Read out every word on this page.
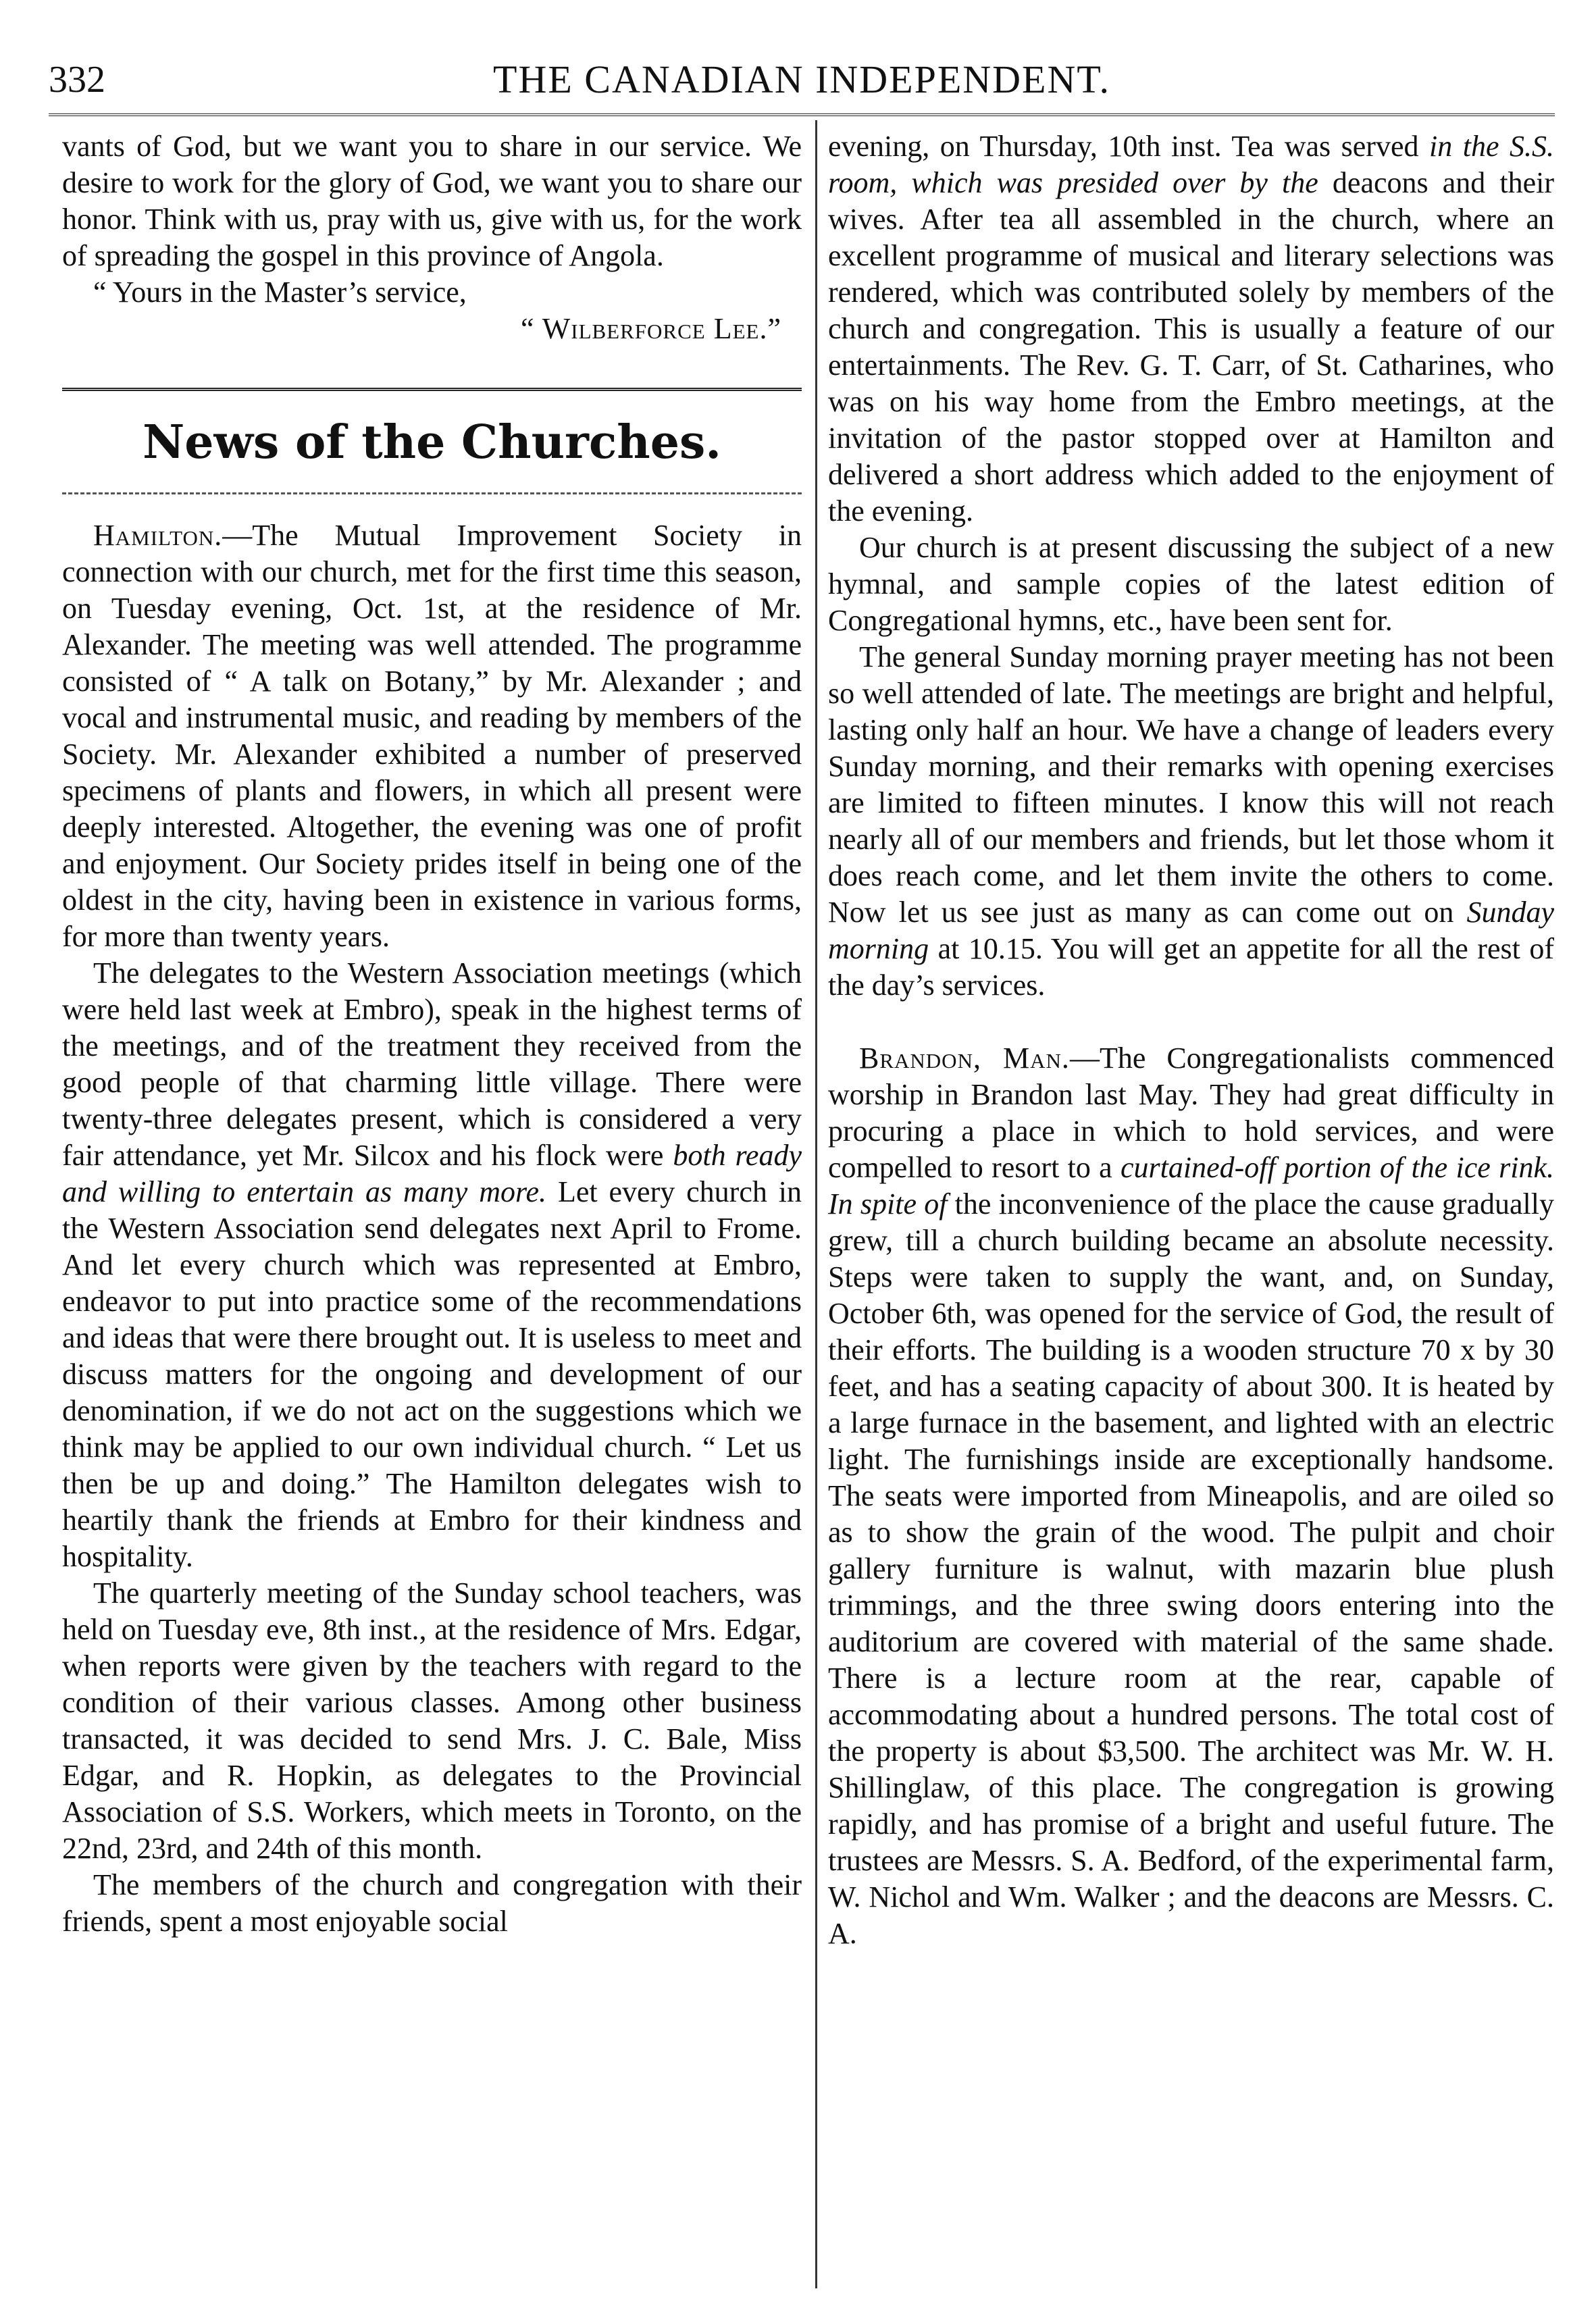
332	THE CANADIAN INDEPENDENT.

vants of God, but we want you to share in our service. We desire to work for the glory of God, we want you to share our honor. Think with us, pray with us, give with us, for the work of spreading the gospel in this province of Angola.

“ Yours in the Master’s service,

“ Wilberforce Lee.”

News of the Churches.

Hamilton.—The Mutual Improvement Society in connection with our church, met for the first time this season, on Tuesday evening, Oct. 1st, at the residence of Mr. Alexander. The meeting was well attended. The programme consisted of “ A talk on Botany,” by Mr. Alexander ; and vocal and instrumental music, and reading by members of the Society. Mr. Alexander exhibited a number of preserved specimens of plants and flowers, in which all present were deeply interested. Altogether, the evening was one of profit and enjoyment. Our Society prides itself in being one of the oldest in the city, having been in existence in various forms, for more than twenty years.

The delegates to the Western Association meetings (which were held last week at Embro), speak in the highest terms of the meetings, and of the treatment they received from the good people of that charming little village. There were twenty-three delegates present, which is considered a very fair attendance, yet Mr. Silcox and his flock were both ready and willing to entertain as many more. Let every church in the Western Association send delegates next April to Frome. And let every church which was represented at Embro, endeavor to put into practice some of the recommendations and ideas that were there brought out. It is useless to meet and discuss matters for the ongoing and development of our denomination, if we do not act on the suggestions which we think may be applied to our own individual church. “ Let us then be up and doing.” The Hamilton delegates wish to heartily thank the friends at Embro for their kindness and hospitality.

The quarterly meeting of the Sunday school teachers, was held on Tuesday eve, 8th inst., at the residence of Mrs. Edgar, when reports were given by the teachers with regard to the condition of their various classes. Among other business transacted, it was decided to send Mrs. J. C. Bale, Miss Edgar, and R. Hopkin, as delegates to the Provincial Association of S.S. Workers, which meets in Toronto, on the 22nd, 23rd, and 24th of this month.

The members of the church and congregation with their friends, spent a most enjoyable social

evening, on Thursday, 10th inst. Tea was served in the S.S. room, which was presided over by the deacons and their wives. After tea all assembled in the church, where an excellent programme of musical and literary selections was rendered, which was contributed solely by members of the church and congregation. This is usually a feature of our entertainments. The Rev. G. T. Carr, of St. Catharines, who was on his way home from the Embro meetings, at the invitation of the pastor stopped over at Hamilton and delivered a short address which added to the enjoyment of the evening.

Our church is at present discussing the subject of a new hymnal, and sample copies of the latest edition of Congregational hymns, etc., have been sent for.

The general Sunday morning prayer meeting has not been so well attended of late. The meetings are bright and helpful, lasting only half an hour. We have a change of leaders every Sunday morning, and their remarks with opening exercises are limited to fifteen minutes. I know this will not reach nearly all of our members and friends, but let those whom it does reach come, and let them invite the others to come. Now let us see just as many as can come out on Sunday morning at 10.15. You will get an appetite for all the rest of the day’s services.

Brandon, Man.—The Congregationalists commenced worship in Brandon last May. They had great difficulty in procuring a place in which to hold services, and were compelled to resort to a curtained-off portion of the ice rink. In spite of the inconvenience of the place the cause gradually grew, till a church building became an absolute necessity. Steps were taken to supply the want, and, on Sunday, October 6th, was opened for the service of God, the result of their efforts. The building is a wooden structure 70 x by 30 feet, and has a seating capacity of about 300. It is heated by a large furnace in the basement, and lighted with an electric light. The furnishings inside are exceptionally handsome. The seats were imported from Mineapolis, and are oiled so as to show the grain of the wood. The pulpit and choir gallery furniture is walnut, with mazarin blue plush trimmings, and the three swing doors entering into the auditorium are covered with material of the same shade. There is a lecture room at the rear, capable of accommodating about a hundred persons. The total cost of the property is about $3,500. The architect was Mr. W. H. Shillinglaw, of this place. The congregation is growing rapidly, and has promise of a bright and useful future. The trustees are Messrs. S. A. Bedford, of the experimental farm, W. Nichol and Wm. Walker ; and the deacons are Messrs. C. A.
